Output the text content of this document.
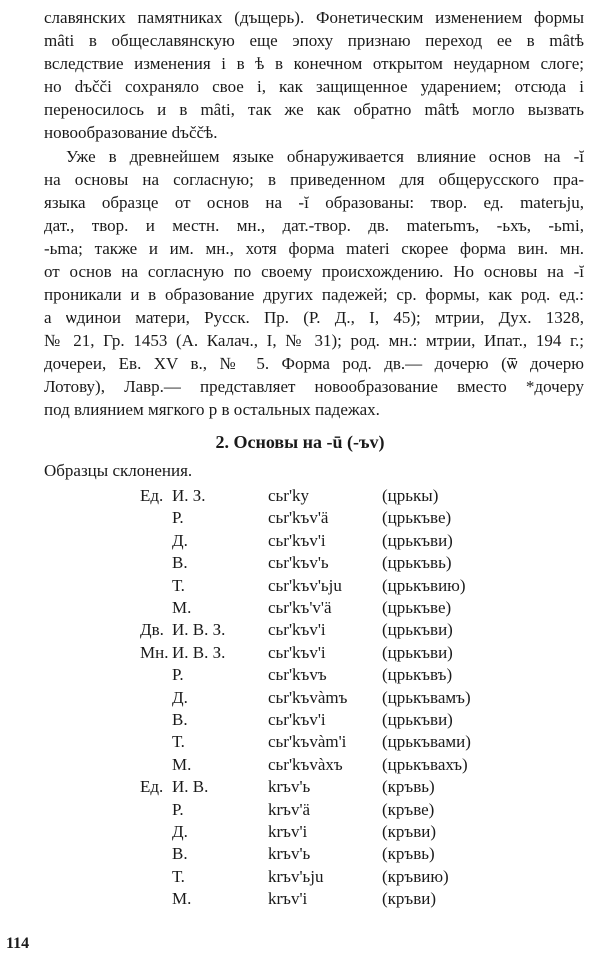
славянских памятниках (дъщерь). Фонетическим изменением формы
mȃti в общеславянскую еще эпоху признаю переход ее в mȃtѣ
вследствие изменения i в ѣ в конечном открытом неударном слоге;
но dъčči сохраняло свое i, как защищенное ударением; отсюда i
переносилось и в mȃti, так же как обратно mȃtѣ могло вызвать
новообразование dъččѣ.
Уже в древнейшем языке обнаруживается влияние основ на -ĭ
на основы на согласную; в приведенном для общерусского пра-
языка образце от основ на -ĭ образованы: твор. ед. materьju,
дат., твор. и местн. мн., дат.-твор. дв. materьmъ, -ьхъ, -ьmi,
-ьma; также и им. мн., хотя форма materi скорее форма вин. мн.
от основ на согласную по своему происхождению. Но основы на -ĭ
проникали и в образование других падежей; ср. формы, как род. ед.:
а ѡдинои матери, Русск. Пр. (Р. Д., I, 45); мтрии, Дух. 1328,
№ 21, Гр. 1453 (А. Калач., I, № 31); род. мн.: мтрии, Ипат., 194 г.;
дочереи, Ев. XV в., № 5. Форма род. дв.— дочерю (ѿ дочерю
Лотову), Лавр.— представляет новообразование вместо *дочеру
под влиянием мягкого р в остальных падежах.
2. Основы на -ū (-ъv)
Образцы склонения.
Ед. И. З.	cьr'ky	(црькы)
Р.	cьr'kъv'ä	(црькъве)
Д.	cьr'kъv'i	(црькъви)
В.	cьr'kъv'ь	(црькъвь)
Т.	cьr'kъv'ьju (црькъвию)
М.	cьr'kъ'v'ä	(црькъве)
Дв. И. В. З.	cьr'kъv'i	(црькъви)
Мн. И. В. З.	cьr'kъv'i	(црькъви)
Р.	cьr'kъvъ	(црькъвъ)
Д.	cьr'kъvàmъ (црькъвамъ)
В.	cьr'kъv'i	(црькъви)
Т.	cьr'kъvàm'i (црькъвами)
М.	cьr'kъvàxъ (црькъвахъ)
Ед. И. В.	krъv'ь	(кръвь)
Р.	krъv'ä	(кръве)
Д.	krъv'i	(кръви)
В.	krъv'ь	(кръвь)
Т.	krъv'ьju	(кръвию)
М.	krъv'i	(кръви)
114
